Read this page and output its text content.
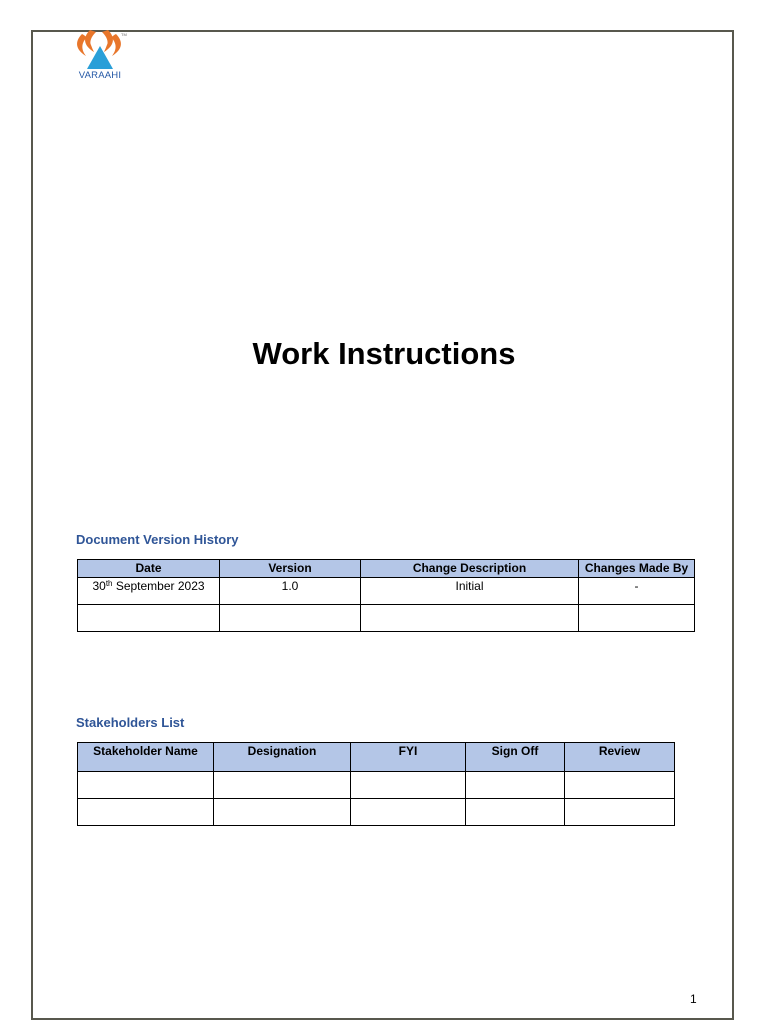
TM
VARAAHI
Work Instructions
Document Version History
Date	Version	Change Description	Changes Made By
30th September 2023	1.0	Initial	-

Stakeholders List
Stakeholder Name	Designation	FYI	Sign Off	Review

1
